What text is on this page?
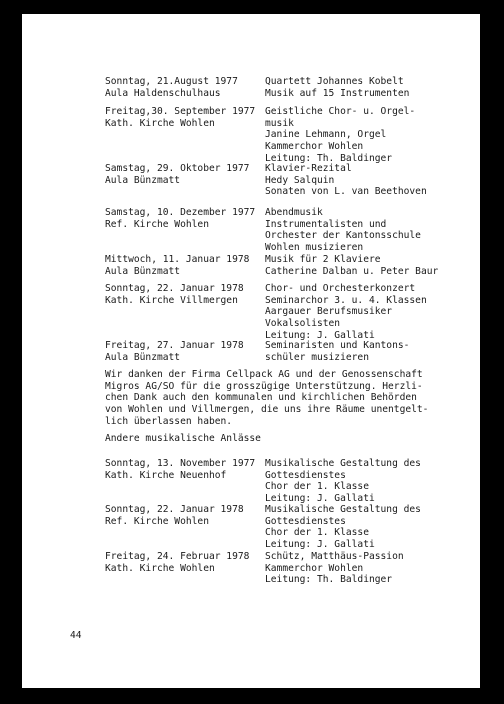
Sonntag, 21.August 1977
Aula Haldenschulhaus
Quartett Johannes Kobelt
Musik auf 15 Instrumenten
Freitag,30. September 1977
Kath. Kirche Wohlen
Geistliche Chor- u. Orgel-
musik
Janine Lehmann, Orgel
Kammerchor Wohlen
Leitung: Th. Baldinger
Samstag, 29. Oktober 1977
Aula Bünzmatt
Klavier-Rezital
Hedy Salquin
Sonaten von L. van Beethoven
Samstag, 10. Dezember 1977
Ref. Kirche Wohlen
Abendmusik
Instrumentalisten und
Orchester der Kantonsschule
Wohlen musizieren
Mittwoch, 11. Januar 1978
Aula Bünzmatt
Musik für 2 Klaviere
Catherine Dalban u. Peter Baur
Sonntag, 22. Januar 1978
Kath. Kirche Villmergen
Chor- und Orchesterkonzert
Seminarchor 3. u. 4. Klassen
Aargauer Berufsmusiker
Vokalsolisten
Leitung: J. Gallati
Freitag, 27. Januar 1978
Aula Bünzmatt
Seminaristen und Kantons-
schüler musizieren
Wir danken der Firma Cellpack AG und der Genossenschaft
Migros AG/SO für die grosszügige Unterstützung. Herzli-
chen Dank auch den kommunalen und kirchlichen Behörden
von Wohlen und Villmergen, die uns ihre Räume unentgelt-
lich überlassen haben.
Andere musikalische Anlässe
Sonntag, 13. November 1977
Kath. Kirche Neuenhof
Musikalische Gestaltung des
Gottesdienstes
Chor der 1. Klasse
Leitung: J. Gallati
Sonntag, 22. Januar 1978
Ref. Kirche Wohlen
Musikalische Gestaltung des
Gottesdienstes
Chor der 1. Klasse
Leitung: J. Gallati
Freitag, 24. Februar 1978
Kath. Kirche Wohlen
Schütz, Matthäus-Passion
Kammerchor Wohlen
Leitung: Th. Baldinger
44
